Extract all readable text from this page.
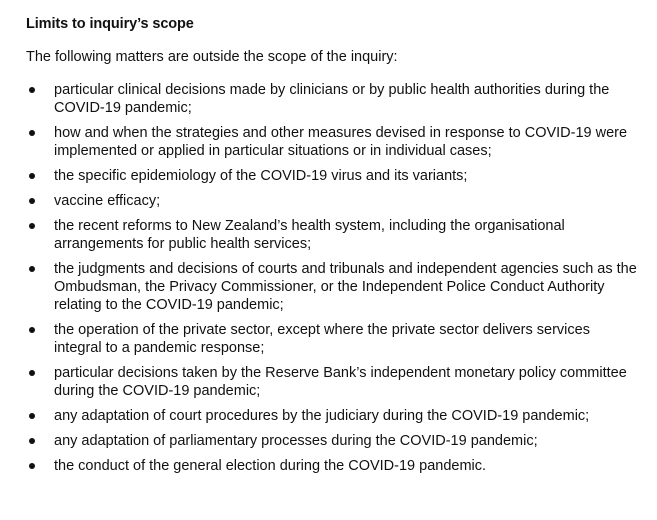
Limits to inquiry’s scope
The following matters are outside the scope of the inquiry:
particular clinical decisions made by clinicians or by public health authorities during the COVID-19 pandemic;
how and when the strategies and other measures devised in response to COVID-19 were implemented or applied in particular situations or in individual cases;
the specific epidemiology of the COVID-19 virus and its variants;
vaccine efficacy;
the recent reforms to New Zealand’s health system, including the organisational arrangements for public health services;
the judgments and decisions of courts and tribunals and independent agencies such as the Ombudsman, the Privacy Commissioner, or the Independent Police Conduct Authority relating to the COVID-19 pandemic;
the operation of the private sector, except where the private sector delivers services integral to a pandemic response;
particular decisions taken by the Reserve Bank’s independent monetary policy committee during the COVID-19 pandemic;
any adaptation of court procedures by the judiciary during the COVID-19 pandemic;
any adaptation of parliamentary processes during the COVID-19 pandemic;
the conduct of the general election during the COVID-19 pandemic.
